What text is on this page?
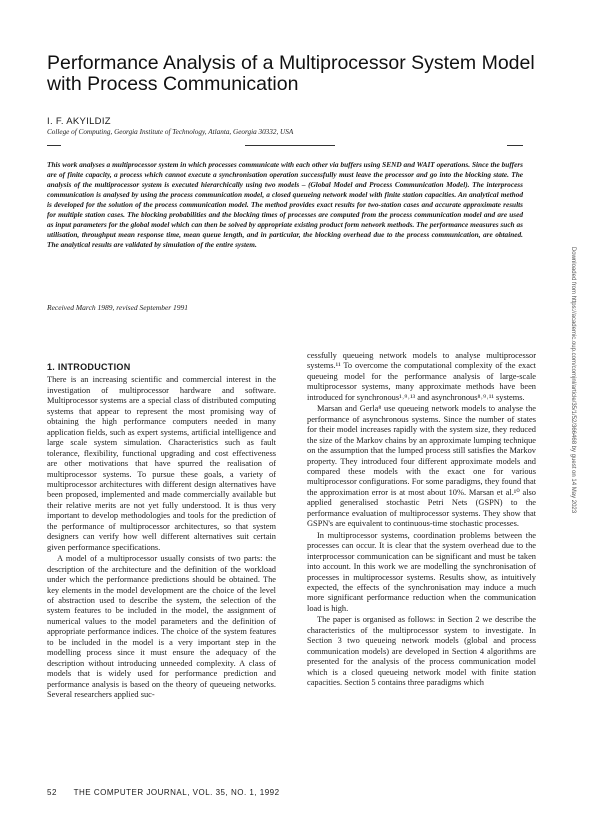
Performance Analysis of a Multiprocessor System Model with Process Communication
I. F. AKYILDIZ
College of Computing, Georgia Institute of Technology, Atlanta, Georgia 30332, USA

This work analyses a multiprocessor system in which processes communicate with each other via buffers using SEND and WAIT operations. Since the buffers are of finite capacity, a process which cannot execute a synchronisation operation successfully must leave the processor and go into the blocking state. The analysis of the multiprocessor system is executed hierarchically using two models – (Global Model and Process Communication Model). The interprocess communication is analysed by using the process communication model, a closed queueing network model with finite station capacities. An analytical method is developed for the solution of the process communication model. The method provides exact results for two-station cases and accurate approximate results for multiple station cases. The blocking probabilities and the blocking times of processes are computed from the process communication model and are used as input parameters for the global model which can then be solved by appropriate existing product form network methods. The performance measures such as utilisation, throughput mean response time, mean queue length, and in particular, the blocking overhead due to the process communication, are obtained. The analytical results are validated by simulation of the entire system.

Received March 1989, revised September 1991
1. INTRODUCTION

There is an increasing scientific and commercial interest in the investigation of multiprocessor hardware and software. Multiprocessor systems are a special class of distributed computing systems that appear to represent the most promising way of obtaining the high performance computers needed in many application fields, such as expert systems, artificial intelligence and large scale system simulation. Characteristics such as fault tolerance, flexibility, functional upgrading and cost effectiveness are other motivations that have spurred the realisation of multiprocessor systems. To pursue these goals, a variety of multiprocessor architectures with different design alternatives have been proposed, implemented and made commercially available but their relative merits are not yet fully understood. It is thus very important to develop methodologies and tools for the prediction of the performance of multiprocessor architectures, so that system designers can verify how well different alternatives suit certain given performance specifications.

A model of a multiprocessor usually consists of two parts: the description of the architecture and the definition of the workload under which the performance predictions should be obtained. The key elements in the model development are the choice of the level of abstraction used to describe the system, the selection of the system features to be included in the model, the assignment of numerical values to the model parameters and the definition of appropriate performance indices. The choice of the system features to be included in the model is a very important step in the modelling process since it must ensure the adequacy of the description without introducing unneeded complexity. A class of models that is widely used for performance prediction and performance analysis is based on the theory of queueing networks. Several researchers applied suc-

cessfully queueing network models to analyse multiprocessor systems.¹¹ To overcome the computational complexity of the exact queueing model for the performance analysis of large-scale multiprocessor systems, many approximate methods have been introduced for synchronous¹˒⁹˒¹³ and asynchronous⁸˒⁹˒¹¹ systems.

Marsan and Gerla⁸ use queueing network models to analyse the performance of asynchronous systems. Since the number of states for their model increases rapidly with the system size, they reduced the size of the Markov chains by an approximate lumping technique on the assumption that the lumped process still satisfies the Markov property. They introduced four different approximate models and compared these models with the exact one for various multiprocessor configurations. For some paradigms, they found that the approximation error is at most about 10%. Marsan et al.¹⁰ also applied generalised stochastic Petri Nets (GSPN) to the performance evaluation of multiprocessor systems. They show that GSPN's are equivalent to continuous-time stochastic processes.

In multiprocessor systems, coordination problems between the processes can occur. It is clear that the system overhead due to the interprocessor communication can be significant and must be taken into account. In this work we are modelling the synchronisation of processes in multiprocessor systems. Results show, as intuitively expected, the effects of the synchronisation may induce a much more significant performance reduction when the communication load is high.

The paper is organised as follows: in Section 2 we describe the characteristics of the multiprocessor system to investigate. In Section 3 two queueing network models (global and process communication models) are developed in Section 4 algorithms are presented for the analysis of the process communication model which is a closed queueing network model with finite station capacities. Section 5 contains three paradigms which

Downloaded from https://academic.oup.com/comjnl/article/35/1/52/366468 by guest on 14 May 2023
52 THE COMPUTER JOURNAL, VOL. 35, NO. 1, 1992
